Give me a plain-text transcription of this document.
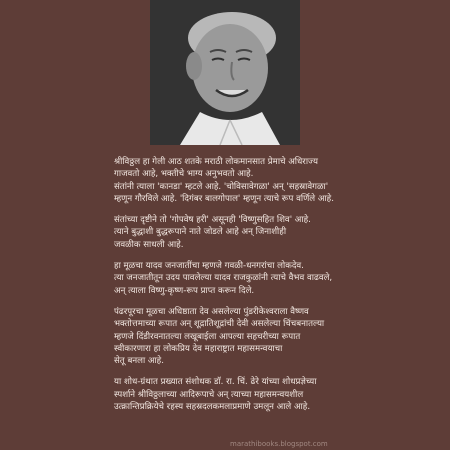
श्रीविठ्ठल हा गेली आठ शतके मराठी लोकमानसात प्रेमाचे अधिराज्य
गाजवतो आहे, भक्तीचे भाग्य अनुभवतो आहे.
संतांनी त्याला 'कानडा' म्हटले आहे. 'चोविसावेगळा' अन् 'सहस्रावेगळा'
म्हणून गौरविले आहे. 'दिगंबर बालगोपाल' म्हणून त्याचे रूप वर्णिले आहे.

संतांच्या दृष्टीने तो 'गोपवेष हरी' असूनही 'विष्णुसहित शिव' आहे.
त्याने बुद्धाशी बुद्धरूपाने नाते जोडले आहे अन् जिनाशीही
जवळीक साधली आहे.

हा मूळचा यादव जनजातींचा म्हणजे गवळी-धनगरांचा लोकदेव.
त्या जनजातीतून उदय पावलेल्या यादव राजकुळांनी त्याचे वैभव वाढवले,
अन् त्याला विष्णु-कृष्ण-रूप प्राप्त करून दिले.

पंढरपूरचा मूळचा अधिष्ठाता देव असलेल्या पुंडरीकेश्वराला वैष्णव
भक्तोत्तमाच्या रूपात अन् शूद्रातिशूद्रांची देवी असलेल्या चिंचबनातल्या
म्हणजे दिंडीरवनातल्या लखूबाईला आपल्या सहचरीच्या रूपात
स्वीकारणारा हा लोकप्रिय देव महाराष्ट्रात महासमन्वयाचा
सेतू बनला आहे.

या शोध-ग्रंथात प्रख्यात संशोधक डॉ. रा. चिं. ढेरे यांच्या शोधप्रज्ञेच्या
स्पर्शाने श्रीविठ्ठलाच्या आदिरूपाचे अन् त्याच्या महासमन्वयशील
उत्क्रान्तिप्रक्रियेचे रहस्य सहस्रदलकमलाप्रमाणे उमलून आले आहे.

marathibooks.blogspot.com
